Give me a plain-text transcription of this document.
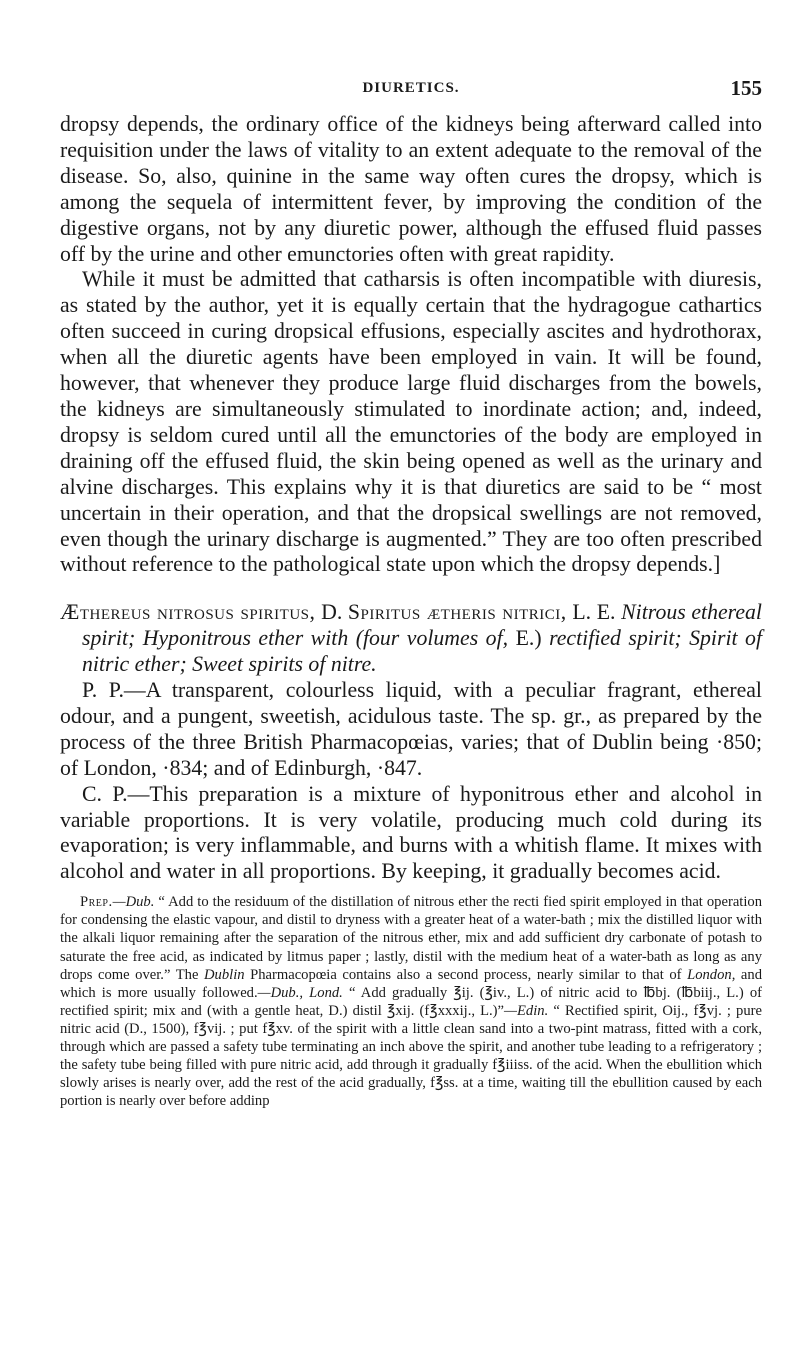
DIURETICS.	155

dropsy depends, the ordinary office of the kidneys being afterward called into requisition under the laws of vitality to an extent adequate to the removal of the disease. So, also, quinine in the same way often cures the dropsy, which is among the sequela of intermittent fever, by improving the condition of the digestive organs, not by any diuretic power, although the effused fluid passes off by the urine and other emunctories often with great rapidity.

While it must be admitted that catharsis is often incompatible with diuresis, as stated by the author, yet it is equally certain that the hydragogue cathartics often succeed in curing dropsical effusions, especially ascites and hydrothorax, when all the diuretic agents have been employed in vain. It will be found, however, that whenever they produce large fluid discharges from the bowels, the kidneys are simultaneously stimulated to inordinate action; and, indeed, dropsy is seldom cured until all the emunctories of the body are employed in draining off the effused fluid, the skin being opened as well as the urinary and alvine discharges. This explains why it is that diuretics are said to be “ most uncertain in their operation, and that the dropsical swellings are not removed, even though the urinary discharge is augmented.” They are too often prescribed without reference to the pathological state upon which the dropsy depends.]

Æthereus nitrosus spiritus, D. Spiritus ætheris nitrici, L. E. Nitrous ethereal spirit; Hyponitrous ether with (four volumes of, E.) rectified spirit; Spirit of nitric ether; Sweet spirits of nitre.

P. P.—A transparent, colourless liquid, with a peculiar fragrant, ethereal odour, and a pungent, sweetish, acidulous taste. The sp. gr., as prepared by the process of the three British Pharmacopœias, varies; that of Dublin being ·850; of London, ·834; and of Edinburgh, ·847.

C. P.—This preparation is a mixture of hyponitrous ether and alcohol in variable proportions. It is very volatile, producing much cold during its evaporation; is very inflammable, and burns with a whitish flame. It mixes with alcohol and water in all proportions. By keeping, it gradually becomes acid.

Prep.—Dub. “ Add to the residuum of the distillation of nitrous ether the recti fied spirit employed in that operation for condensing the elastic vapour, and distil to dryness with a greater heat of a water-bath ; mix the distilled liquor with the alkali liquor remaining after the separation of the nitrous ether, mix and add sufficient dry carbonate of potash to saturate the free acid, as indicated by litmus paper ; lastly, distil with the medium heat of a water-bath as long as any drops come over.” The Dublin Pharmacopœia contains also a second process, nearly similar to that of London, and which is more usually followed.—Dub., Lond. “ Add gradually ℥ij. (℥iv., L.) of nitric acid to ℔bj. (℔biij., L.) of rectified spirit; mix and (with a gentle heat, D.) distil ℥xij. (f℥xxxij., L.)”—Edin. “ Rectified spirit, Oij., f℥vj. ; pure nitric acid (D., 1500), f℥vij. ; put f℥xv. of the spirit with a little clean sand into a two-pint matrass, fitted with a cork, through which are passed a safety tube terminating an inch above the spirit, and another tube leading to a refrigeratory ; the safety tube being filled with pure nitric acid, add through it gradually f℥iiiss. of the acid. When the ebullition which slowly arises is nearly over, add the rest of the acid gradually, f℥ss. at a time, waiting till the ebullition caused by each portion is nearly over before addinp
